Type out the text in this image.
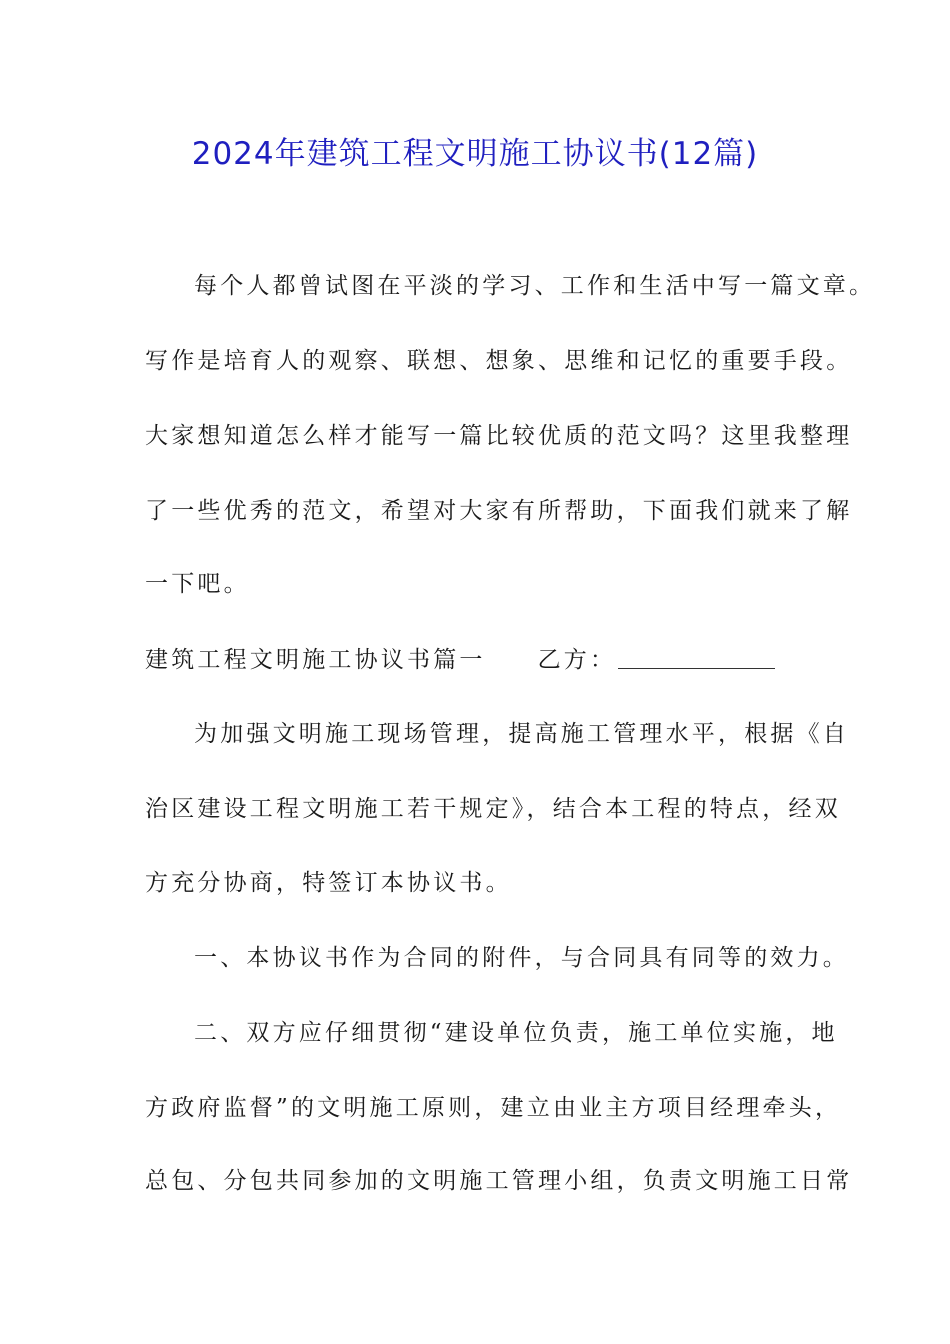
2024年建筑工程文明施工协议书(12篇)
每个人都曾试图在平淡的学习、工作和生活中写一篇文章。
写作是培育人的观察、联想、想象、思维和记忆的重要手段。
大家想知道怎么样才能写一篇比较优质的范文吗？这里我整理
了一些优秀的范文，希望对大家有所帮助，下面我们就来了解
一下吧。
建筑工程文明施工协议书篇一 乙方：
为加强文明施工现场管理，提高施工管理水平，根据《自
治区建设工程文明施工若干规定》，结合本工程的特点，经双
方充分协商，特签订本协议书。
一、本协议书作为合同的附件，与合同具有同等的效力。
二、双方应仔细贯彻“建设单位负责，施工单位实施，地
方政府监督”的文明施工原则，建立由业主方项目经理牵头，
总包、分包共同参加的文明施工管理小组，负责文明施工日常
